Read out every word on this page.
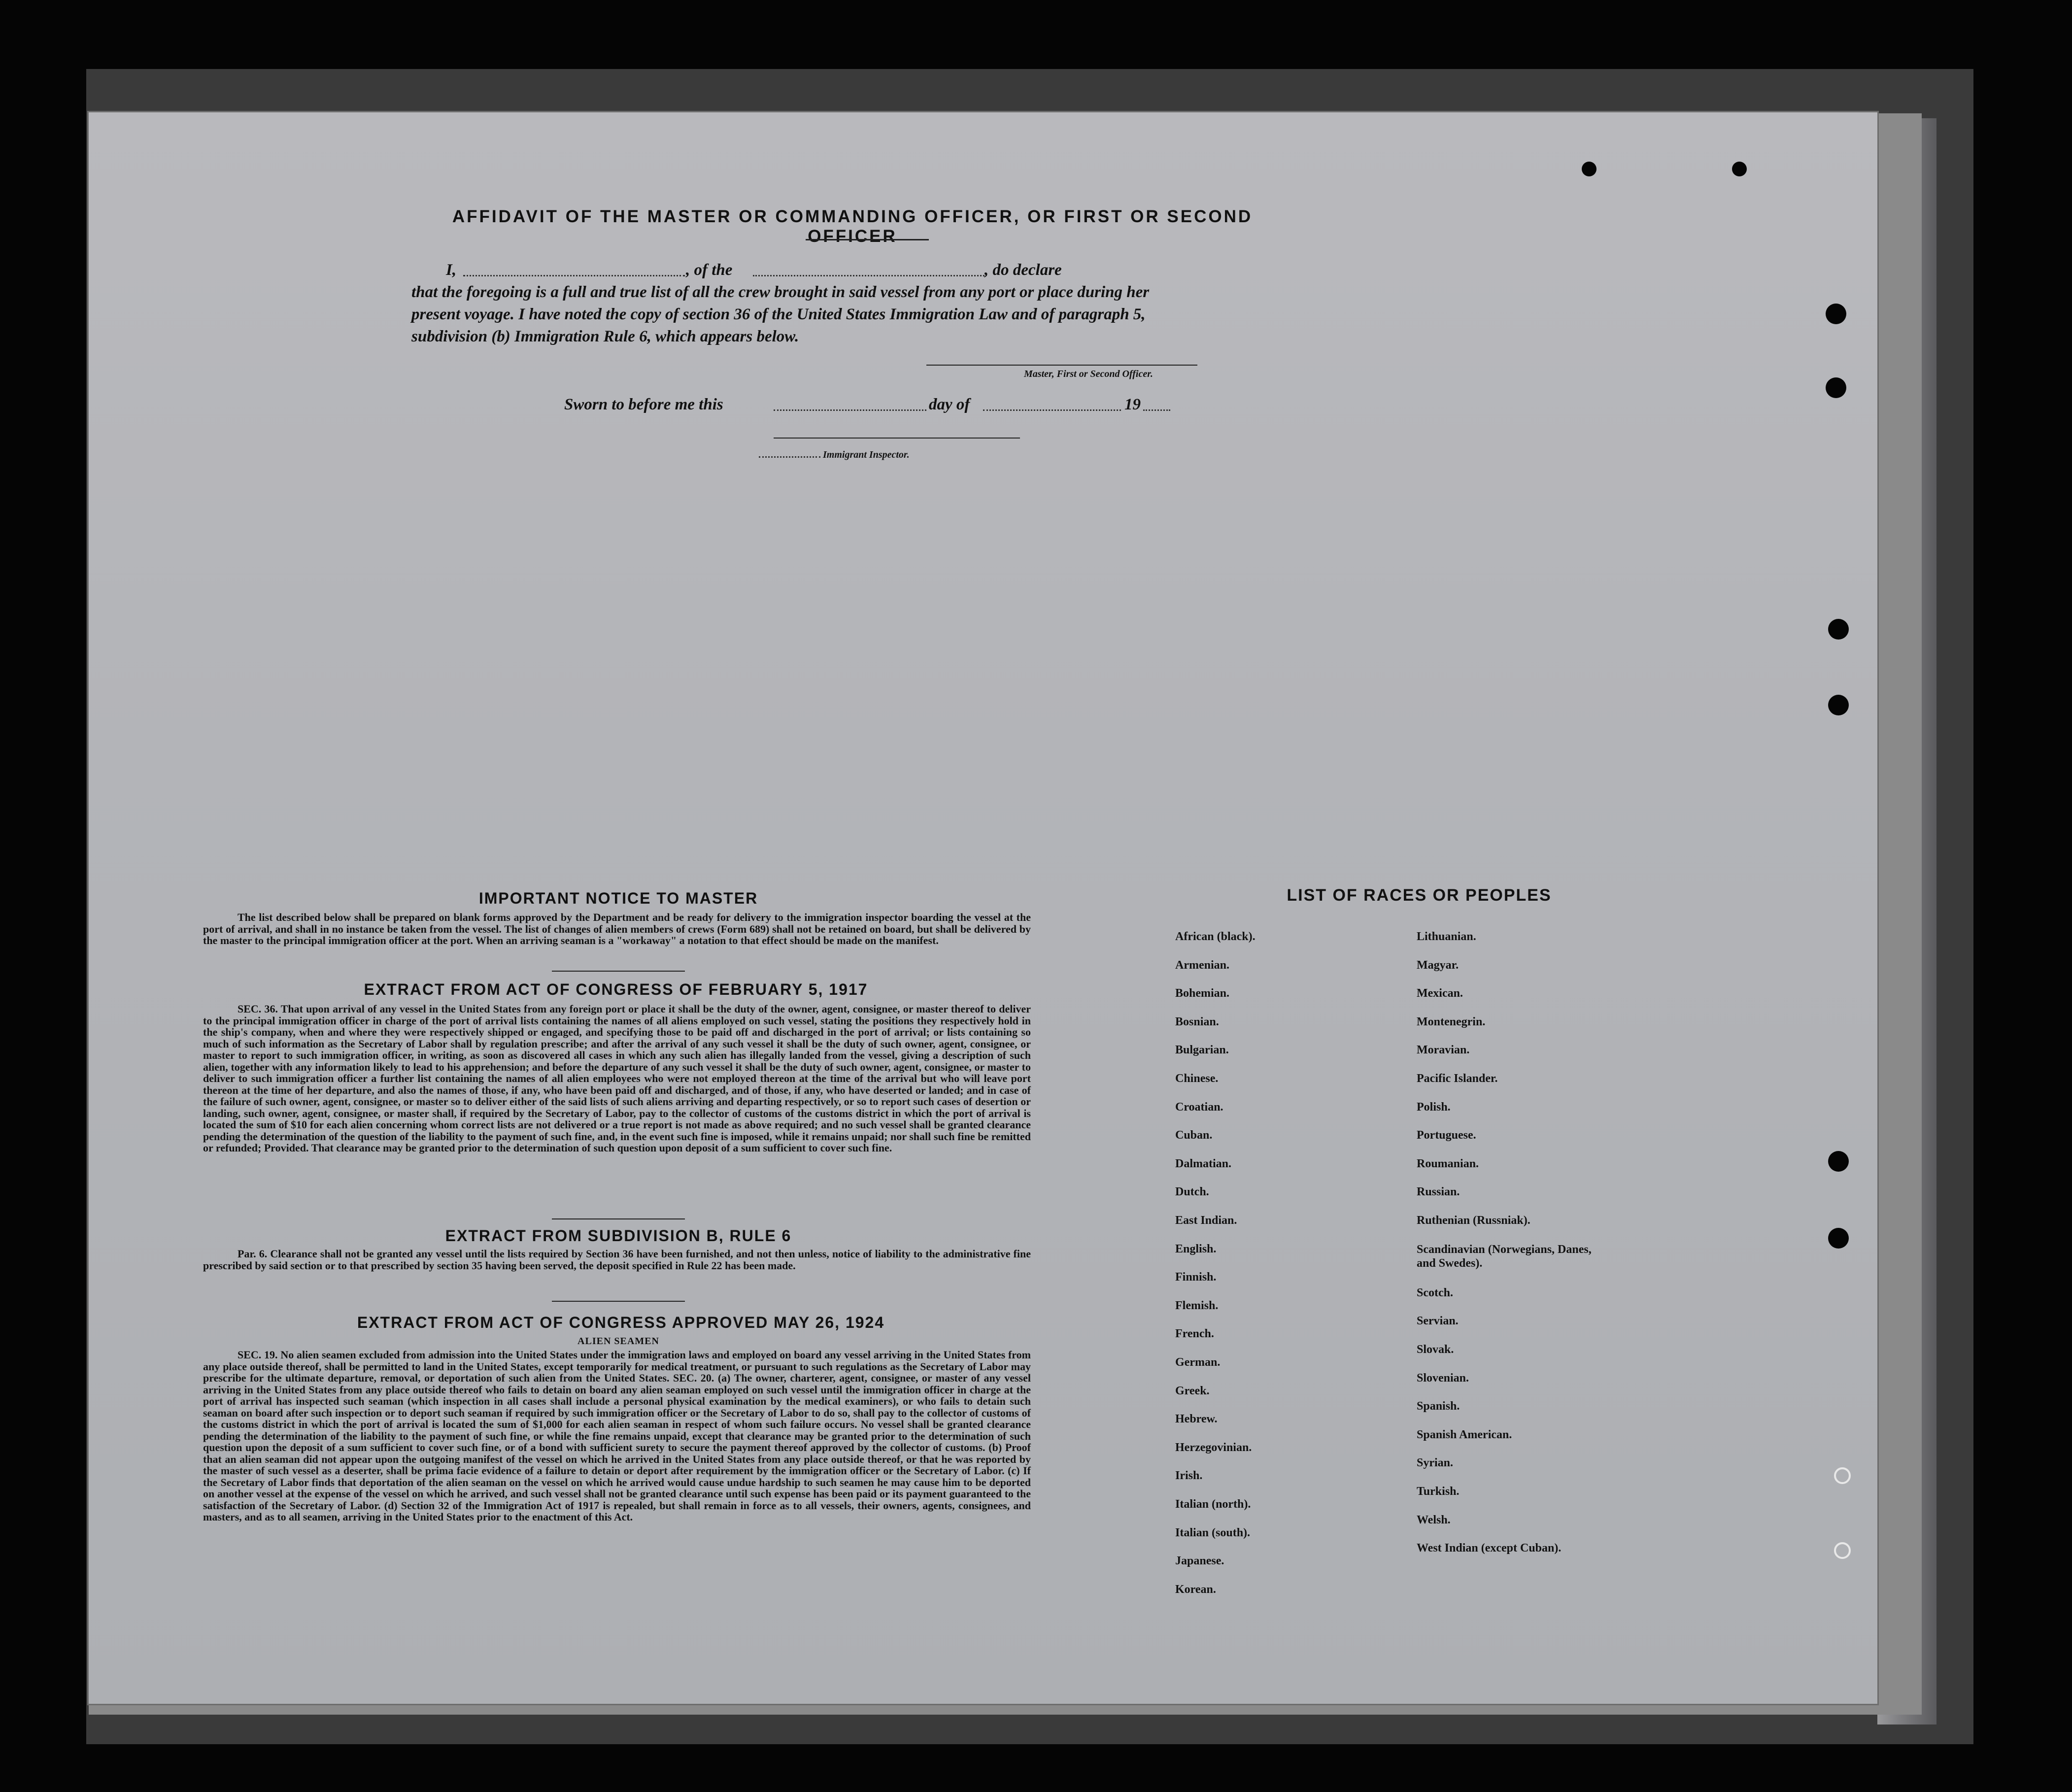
AFFIDAVIT OF THE MASTER OR COMMANDING OFFICER, OR FIRST OR SECOND OFFICER
I,	, of the	, do declare
that the foregoing is a full and true list of all the crew brought in said vessel from any port or place during her
present voyage. I have noted the copy of section 36 of the United States Immigration Law and of paragraph 5,
subdivision (b) Immigration Rule 6, which appears below.
Master, First or Second Officer.
Sworn to before me this	day of	19
Immigrant Inspector.
IMPORTANT NOTICE TO MASTER
The list described below shall be prepared on blank forms approved by the Department and be ready for delivery to the immigration inspector boarding the vessel at the port of arrival, and shall in no instance be taken from the vessel. The list of changes of alien members of crews (Form 689) shall not be retained on board, but shall be delivered by the master to the principal immigration officer at the port. When an arriving seaman is a "workaway" a notation to that effect should be made on the manifest.
EXTRACT FROM ACT OF CONGRESS OF FEBRUARY 5, 1917
SEC. 36. That upon arrival of any vessel in the United States from any foreign port or place it shall be the duty of the owner, agent, consignee, or master thereof to deliver to the principal immigration officer in charge of the port of arrival lists containing the names of all aliens employed on such vessel, stating the positions they respectively hold in the ship's company, when and where they were respectively shipped or engaged, and specifying those to be paid off and discharged in the port of arrival; or lists containing so much of such information as the Secretary of Labor shall by regulation prescribe; and after the arrival of any such vessel it shall be the duty of such owner, agent, consignee, or master to report to such immigration officer, in writing, as soon as discovered all cases in which any such alien has illegally landed from the vessel, giving a description of such alien, together with any information likely to lead to his apprehension; and before the departure of any such vessel it shall be the duty of such owner, agent, consignee, or master to deliver to such immigration officer a further list containing the names of all alien employees who were not employed thereon at the time of the arrival but who will leave port thereon at the time of her departure, and also the names of those, if any, who have been paid off and discharged, and of those, if any, who have deserted or landed; and in case of the failure of such owner, agent, consignee, or master so to deliver either of the said lists of such aliens arriving and departing respectively, or so to report such cases of desertion or landing, such owner, agent, consignee, or master shall, if required by the Secretary of Labor, pay to the collector of customs of the customs district in which the port of arrival is located the sum of $10 for each alien concerning whom correct lists are not delivered or a true report is not made as above required; and no such vessel shall be granted clearance pending the determination of the question of the liability to the payment of such fine, and, in the event such fine is imposed, while it remains unpaid; nor shall such fine be remitted or refunded; Provided. That clearance may be granted prior to the determination of such question upon deposit of a sum sufficient to cover such fine.
EXTRACT FROM SUBDIVISION B, RULE 6
Par. 6. Clearance shall not be granted any vessel until the lists required by Section 36 have been furnished, and not then unless, notice of liability to the administrative fine prescribed by said section or to that prescribed by section 35 having been served, the deposit specified in Rule 22 has been made.
EXTRACT FROM ACT OF CONGRESS APPROVED MAY 26, 1924
ALIEN SEAMEN
SEC. 19. No alien seamen excluded from admission into the United States under the immigration laws and employed on board any vessel arriving in the United States from any place outside thereof, shall be permitted to land in the United States, except temporarily for medical treatment, or pursuant to such regulations as the Secretary of Labor may prescribe for the ultimate departure, removal, or deportation of such alien from the United States. SEC. 20. (a) The owner, charterer, agent, consignee, or master of any vessel arriving in the United States from any place outside thereof who fails to detain on board any alien seaman employed on such vessel until the immigration officer in charge at the port of arrival has inspected such seaman (which inspection in all cases shall include a personal physical examination by the medical examiners), or who fails to detain such seaman on board after such inspection or to deport such seaman if required by such immigration officer or the Secretary of Labor to do so, shall pay to the collector of customs of the customs district in which the port of arrival is located the sum of $1,000 for each alien seaman in respect of whom such failure occurs. No vessel shall be granted clearance pending the determination of the liability to the payment of such fine, or while the fine remains unpaid, except that clearance may be granted prior to the determination of such question upon the deposit of a sum sufficient to cover such fine, or of a bond with sufficient surety to secure the payment thereof approved by the collector of customs. (b) Proof that an alien seaman did not appear upon the outgoing manifest of the vessel on which he arrived in the United States from any place outside thereof, or that he was reported by the master of such vessel as a deserter, shall be prima facie evidence of a failure to detain or deport after requirement by the immigration officer or the Secretary of Labor. (c) If the Secretary of Labor finds that deportation of the alien seaman on the vessel on which he arrived would cause undue hardship to such seamen he may cause him to be deported on another vessel at the expense of the vessel on which he arrived, and such vessel shall not be granted clearance until such expense has been paid or its payment guaranteed to the satisfaction of the Secretary of Labor. (d) Section 32 of the Immigration Act of 1917 is repealed, but shall remain in force as to all vessels, their owners, agents, consignees, and masters, and as to all seamen, arriving in the United States prior to the enactment of this Act.
LIST OF RACES OR PEOPLES
African (black).
Armenian.
Bohemian.
Bosnian.
Bulgarian.
Chinese.
Croatian.
Cuban.
Dalmatian.
Dutch.
East Indian.
English.
Finnish.
Flemish.
French.
German.
Greek.
Hebrew.
Herzegovinian.
Irish.
Italian (north).
Italian (south).
Japanese.
Korean.
Lithuanian.
Magyar.
Mexican.
Montenegrin.
Moravian.
Pacific Islander.
Polish.
Portuguese.
Roumanian.
Russian.
Ruthenian (Russniak).
Scandinavian (Norwegians, Danes, and Swedes).
Scotch.
Servian.
Slovak.
Slovenian.
Spanish.
Spanish American.
Syrian.
Turkish.
Welsh.
West Indian (except Cuban).
